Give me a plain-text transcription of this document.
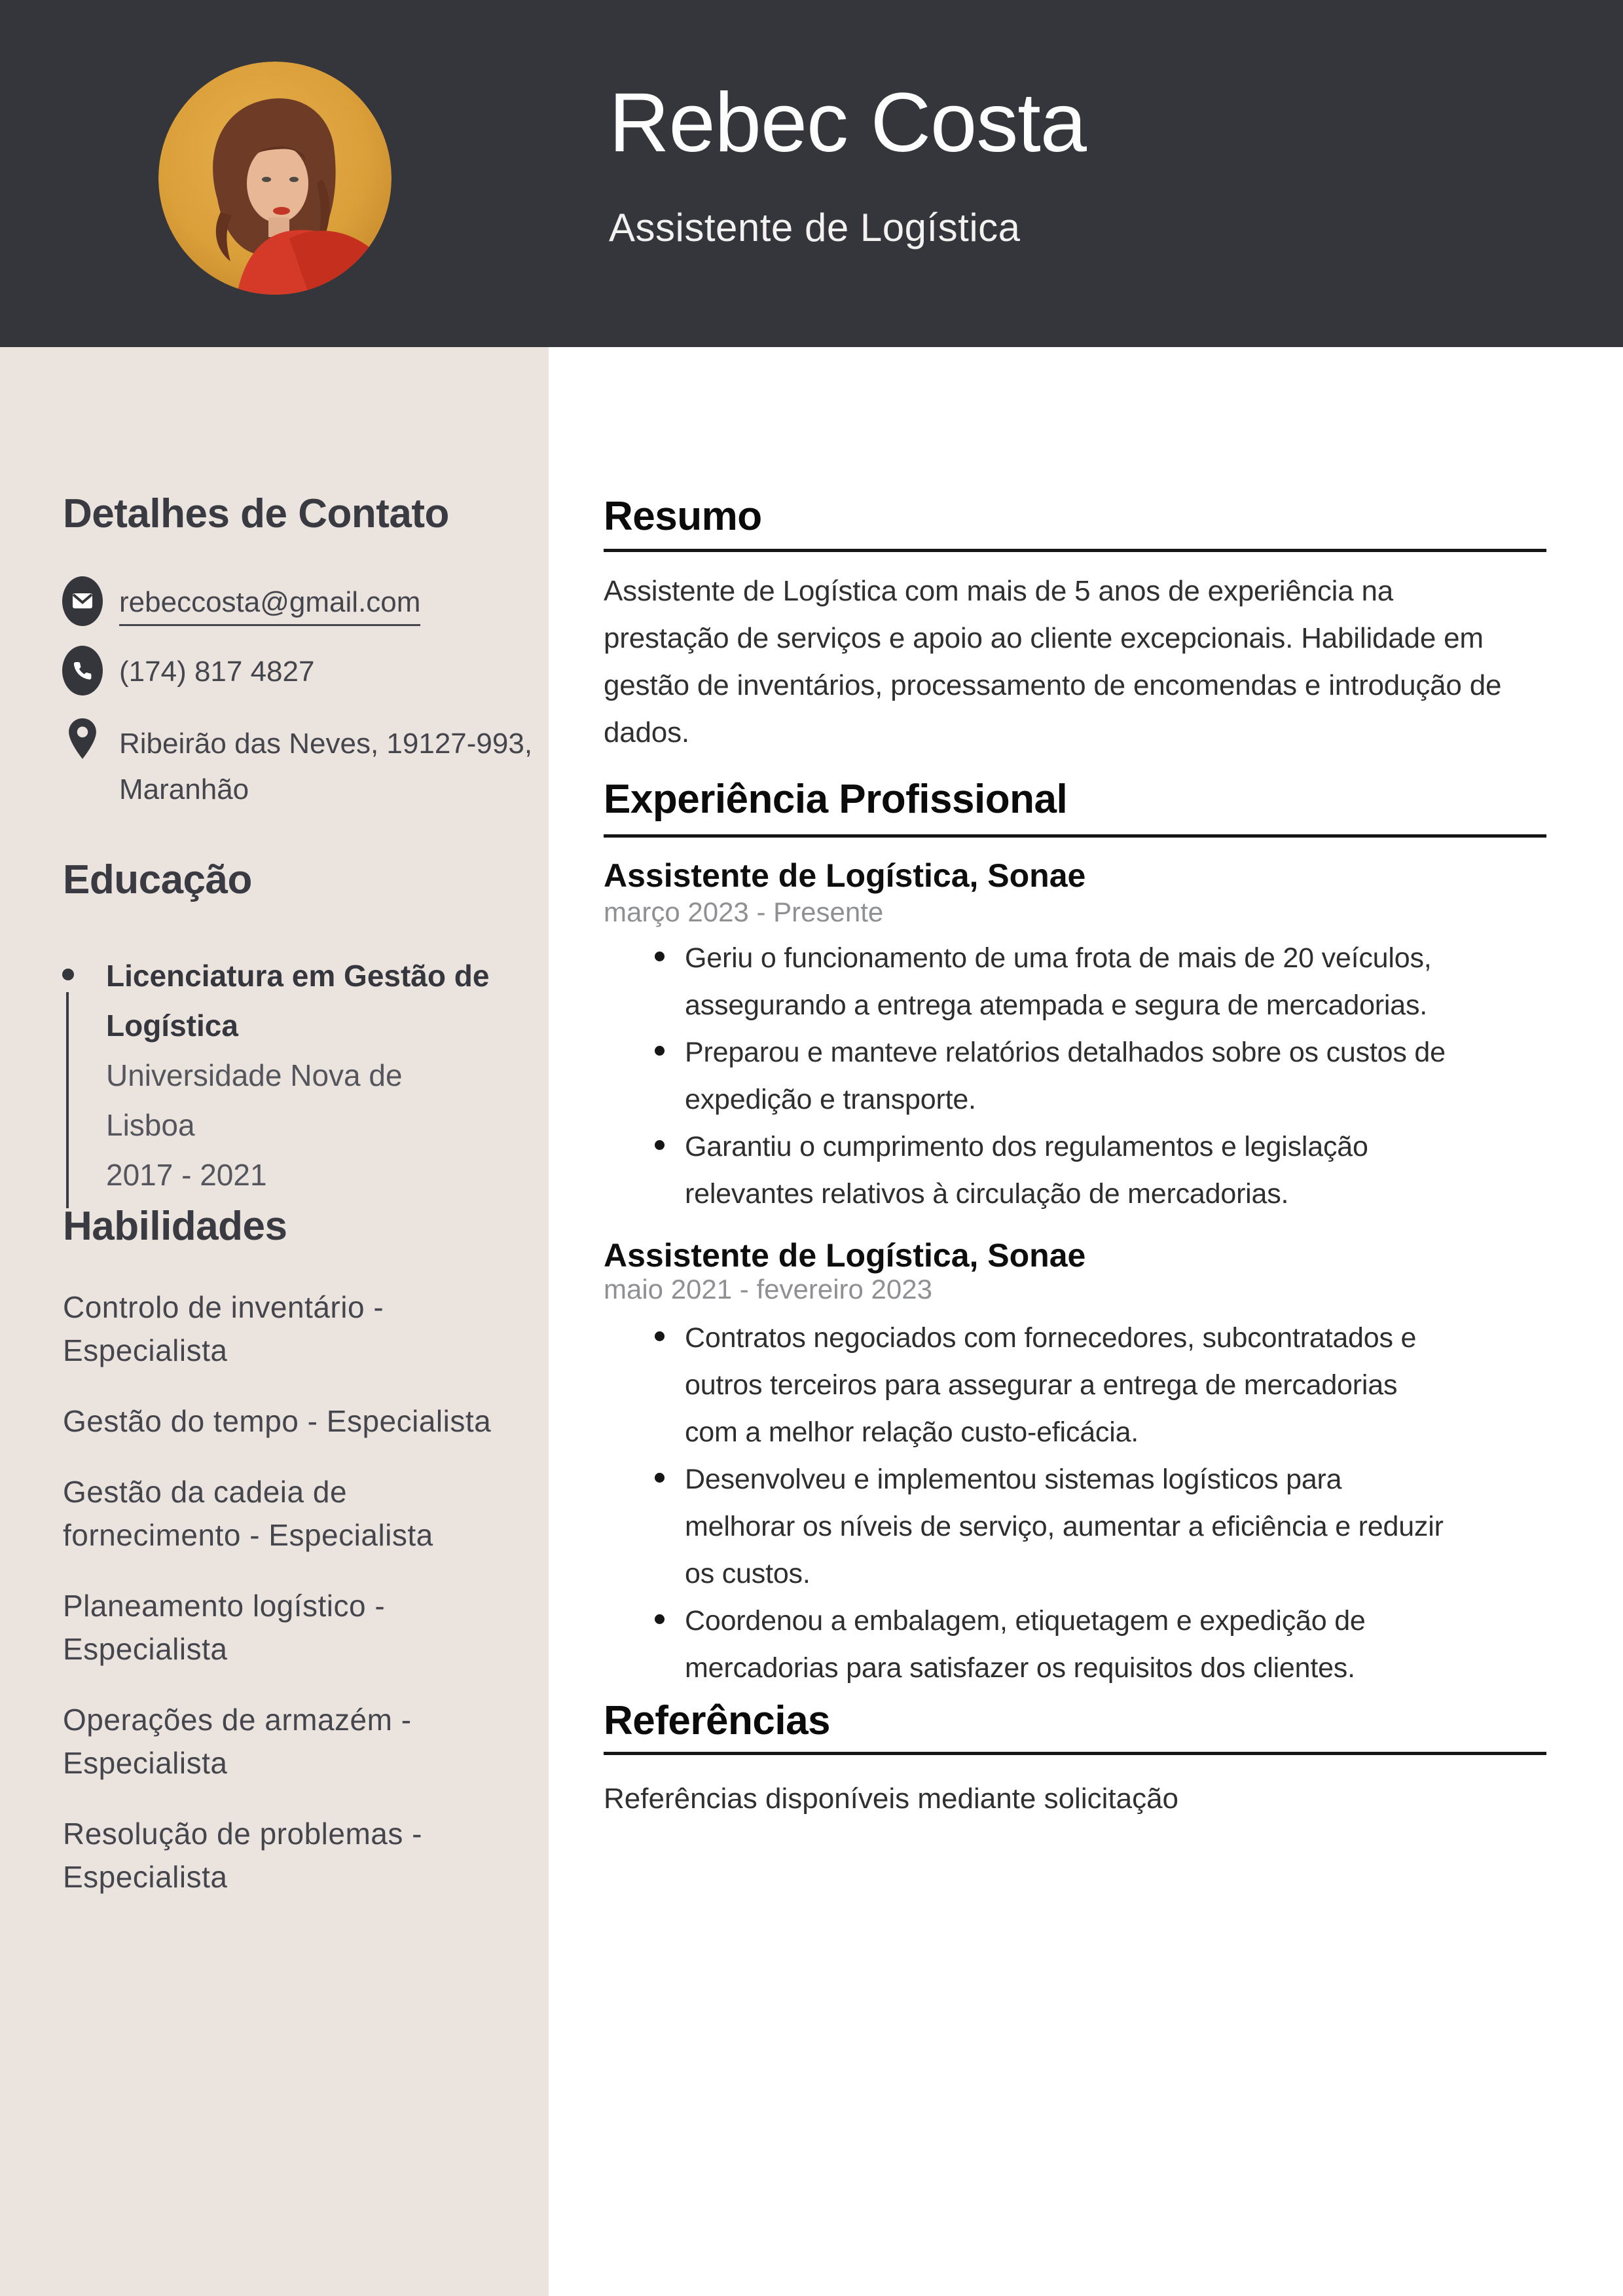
Rebec Costa
Assistente de Logística
Detalhes de Contato
rebeccosta@gmail.com
(174) 817 4827
Ribeirão das Neves, 19127-993,
Maranhão
Educação
Licenciatura em Gestão de
Logística
Universidade Nova de
Lisboa
2017 - 2021
Habilidades
Controlo de inventário - Especialista
Gestão do tempo - Especialista
Gestão da cadeia de fornecimento - Especialista
Planeamento logístico - Especialista
Operações de armazém - Especialista
Resolução de problemas - Especialista
Resumo
Assistente de Logística com mais de 5 anos de experiência na prestação de serviços e apoio ao cliente excepcionais. Habilidade em gestão de inventários, processamento de encomendas e introdução de dados.
Experiência Profissional
Assistente de Logística, Sonae
março 2023 - Presente
Geriu o funcionamento de uma frota de mais de 20 veículos, assegurando a entrega atempada e segura de mercadorias.
Preparou e manteve relatórios detalhados sobre os custos de expedição e transporte.
Garantiu o cumprimento dos regulamentos e legislação relevantes relativos à circulação de mercadorias.
Assistente de Logística, Sonae
maio 2021 - fevereiro 2023
Contratos negociados com fornecedores, subcontratados e outros terceiros para assegurar a entrega de mercadorias com a melhor relação custo-eficácia.
Desenvolveu e implementou sistemas logísticos para melhorar os níveis de serviço, aumentar a eficiência e reduzir os custos.
Coordenou a embalagem, etiquetagem e expedição de mercadorias para satisfazer os requisitos dos clientes.
Referências
Referências disponíveis mediante solicitação
